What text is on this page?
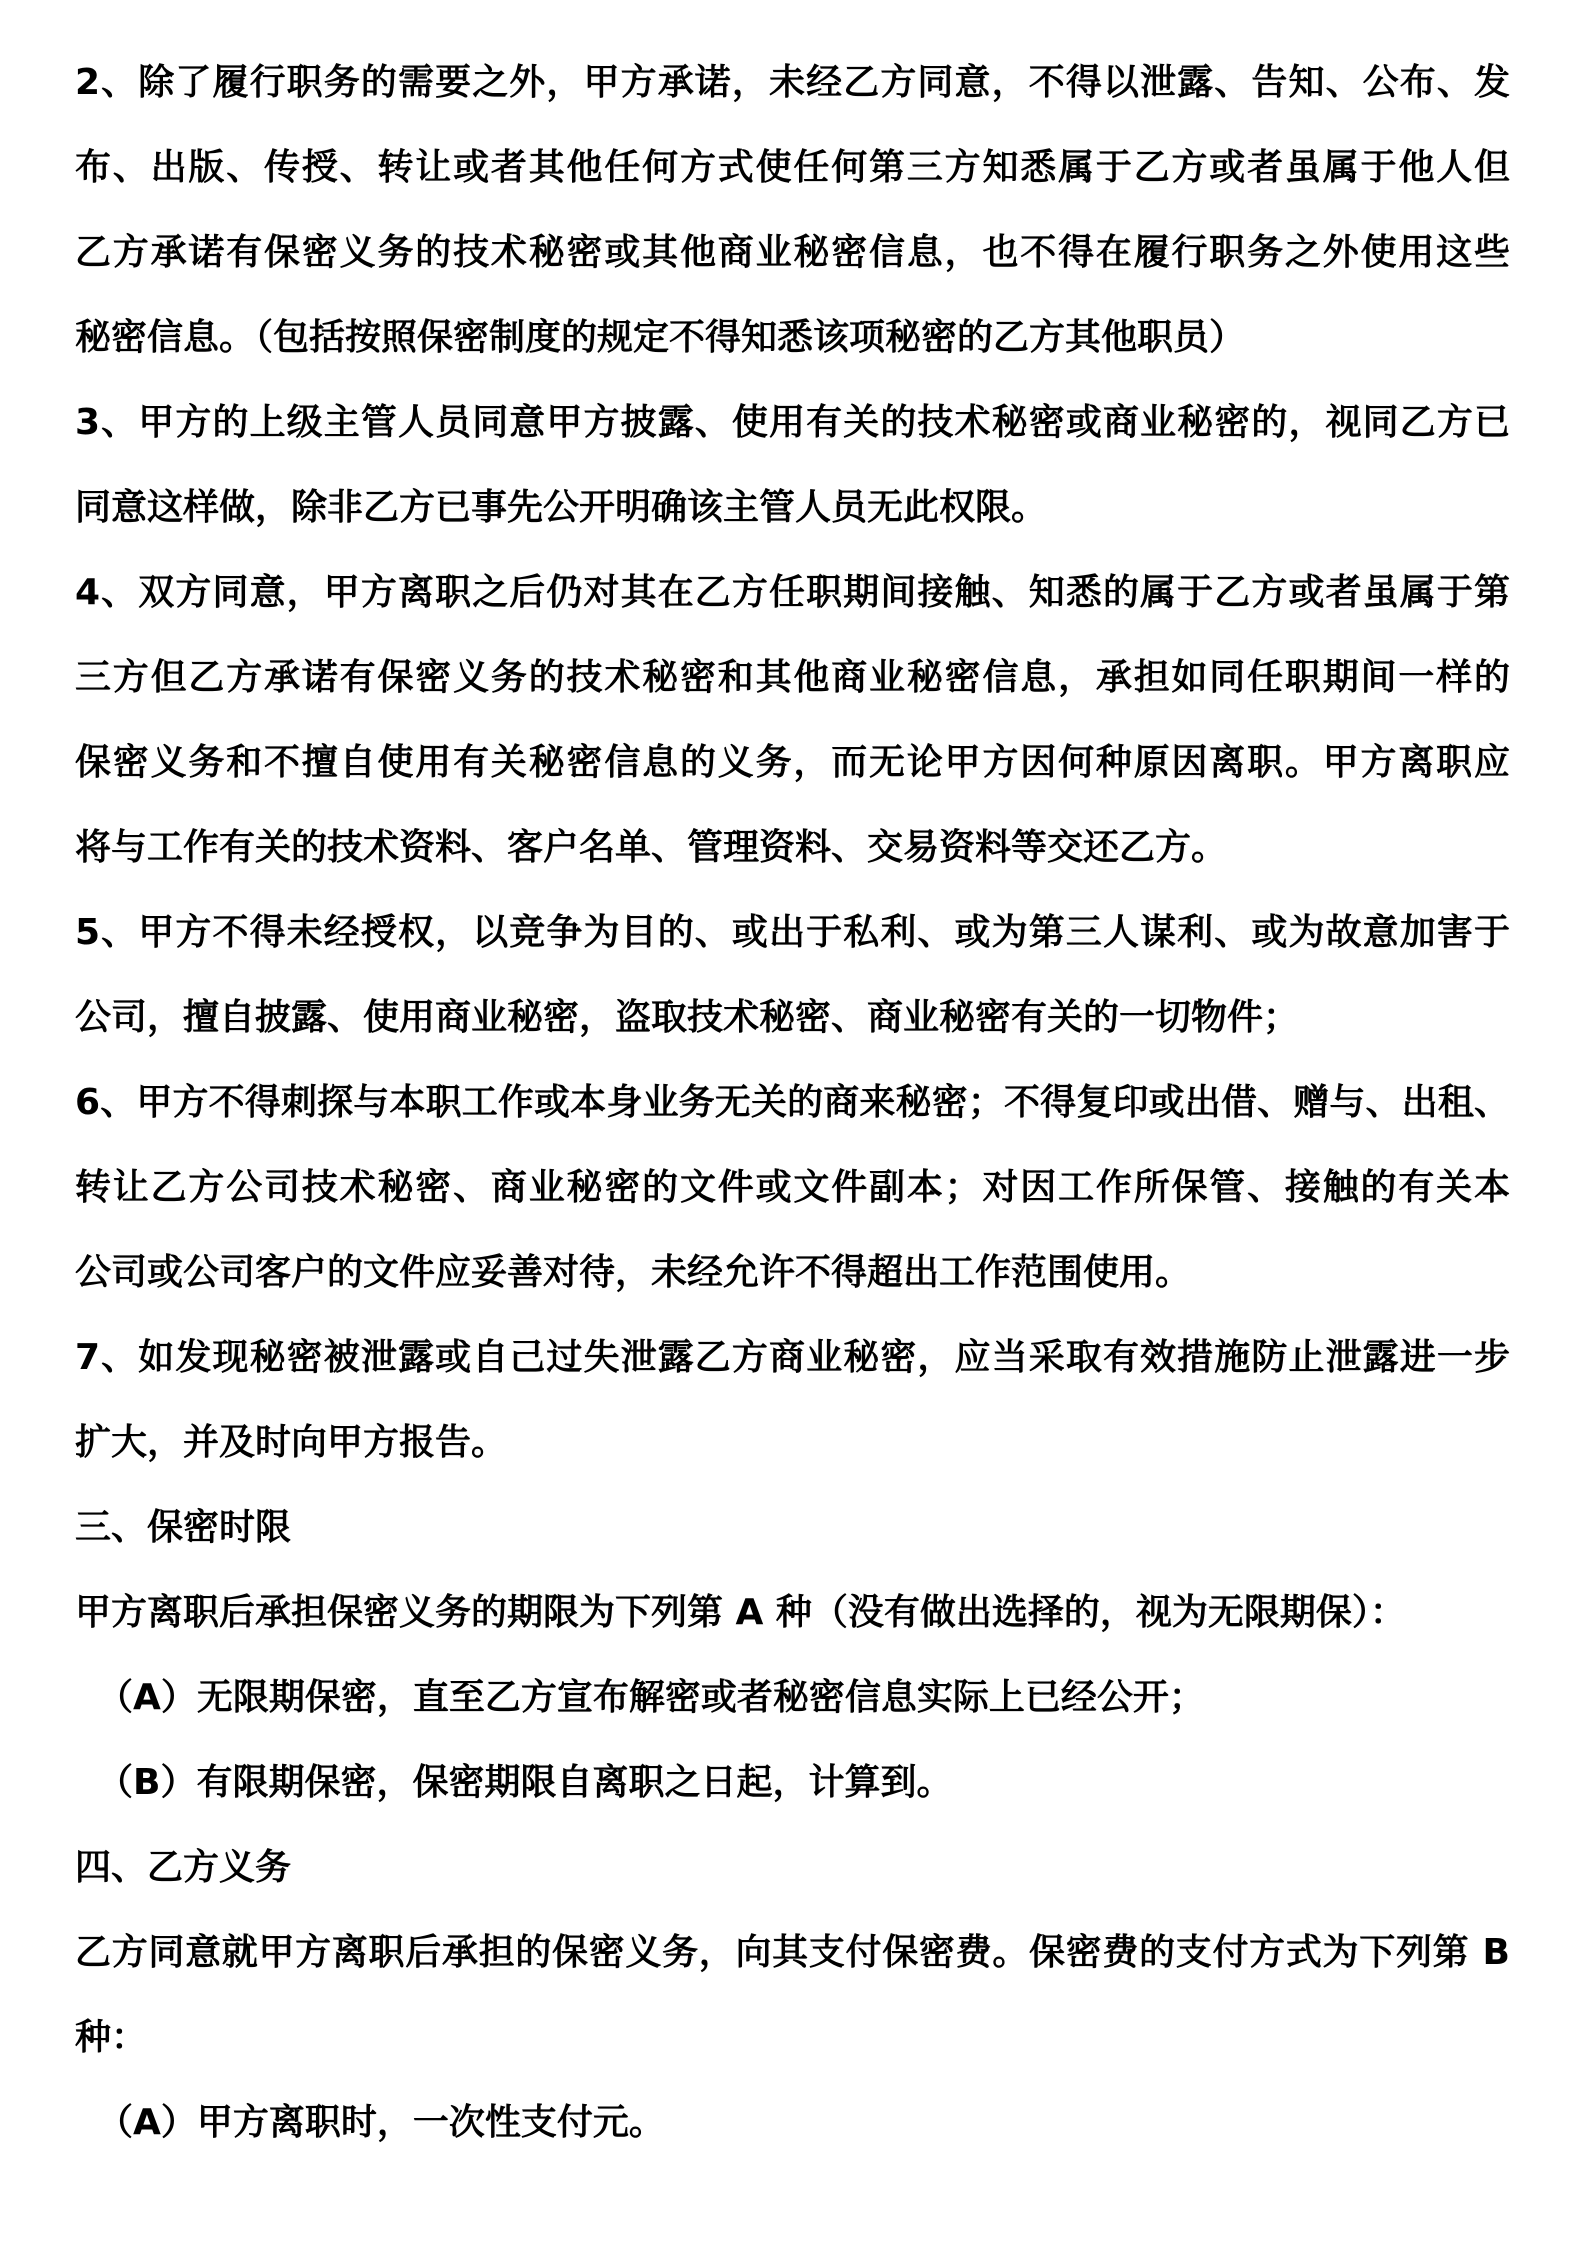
2、除了履行职务的需要之外，甲方承诺，未经乙方同意，不得以泄露、告知、公布、发
布、出版、传授、转让或者其他任何方式使任何第三方知悉属于乙方或者虽属于他人但
乙方承诺有保密义务的技术秘密或其他商业秘密信息，也不得在履行职务之外使用这些
秘密信息。（包括按照保密制度的规定不得知悉该项秘密的乙方其他职员）
3、甲方的上级主管人员同意甲方披露、使用有关的技术秘密或商业秘密的，视同乙方已
同意这样做，除非乙方已事先公开明确该主管人员无此权限。
4、双方同意，甲方离职之后仍对其在乙方任职期间接触、知悉的属于乙方或者虽属于第
三方但乙方承诺有保密义务的技术秘密和其他商业秘密信息，承担如同任职期间一样的
保密义务和不擅自使用有关秘密信息的义务，而无论甲方因何种原因离职。甲方离职应
将与工作有关的技术资料、客户名单、管理资料、交易资料等交还乙方。
5、甲方不得未经授权，以竞争为目的、或出于私利、或为第三人谋利、或为故意加害于
公司，擅自披露、使用商业秘密，盗取技术秘密、商业秘密有关的一切物件；
6、甲方不得刺探与本职工作或本身业务无关的商来秘密；不得复印或出借、赠与、出租、
转让乙方公司技术秘密、商业秘密的文件或文件副本；对因工作所保管、接触的有关本
公司或公司客户的文件应妥善对待，未经允许不得超出工作范围使用。
7、如发现秘密被泄露或自己过失泄露乙方商业秘密，应当采取有效措施防止泄露进一步
扩大，并及时向甲方报告。
三、保密时限
甲方离职后承担保密义务的期限为下列第 A 种（没有做出选择的，视为无限期保）：
（A）无限期保密，直至乙方宣布解密或者秘密信息实际上已经公开；
（B）有限期保密，保密期限自离职之日起，计算到。
四、乙方义务
乙方同意就甲方离职后承担的保密义务，向其支付保密费。保密费的支付方式为下列第 B
种：
（A）甲方离职时，一次性支付元。
